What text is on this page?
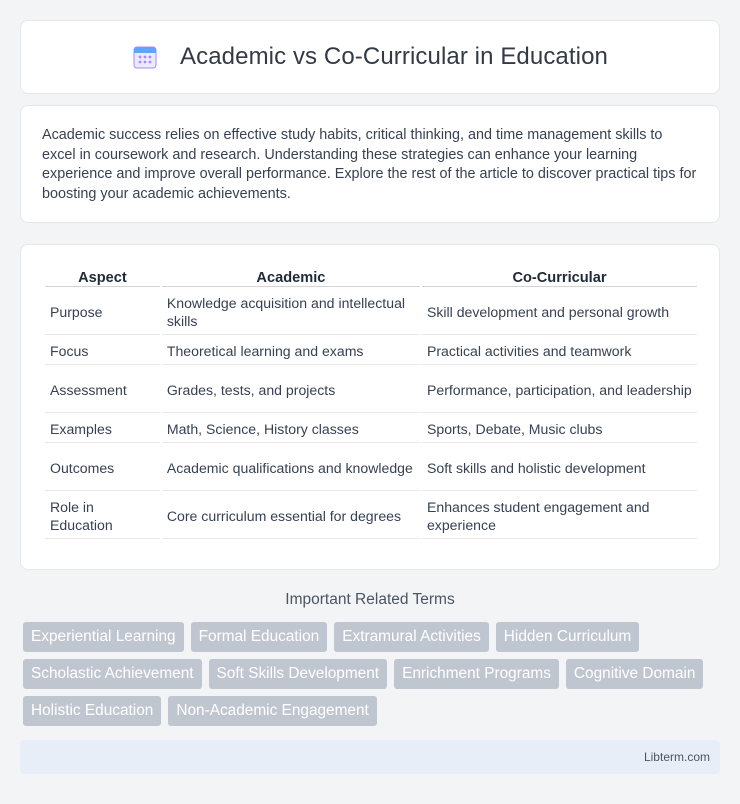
Academic vs Co-Curricular in Education

Academic success relies on effective study habits, critical thinking, and time management skills to excel in coursework and research. Understanding these strategies can enhance your learning experience and improve overall performance. Explore the rest of the article to discover practical tips for boosting your academic achievements.

Aspect	Academic	Co-Curricular
Purpose	Knowledge acquisition and intellectual skills	Skill development and personal growth
Focus	Theoretical learning and exams	Practical activities and teamwork
Assessment	Grades, tests, and projects	Performance, participation, and leadership
Examples	Math, Science, History classes	Sports, Debate, Music clubs
Outcomes	Academic qualifications and knowledge	Soft skills and holistic development
Role in Education	Core curriculum essential for degrees	Enhances student engagement and experience
Important Related Terms
Experiential Learning	Formal Education	Extramural Activities	Hidden Curriculum
Scholastic Achievement	Soft Skills Development	Enrichment Programs	Cognitive Domain
Holistic Education	Non-Academic Engagement
Libterm.com
